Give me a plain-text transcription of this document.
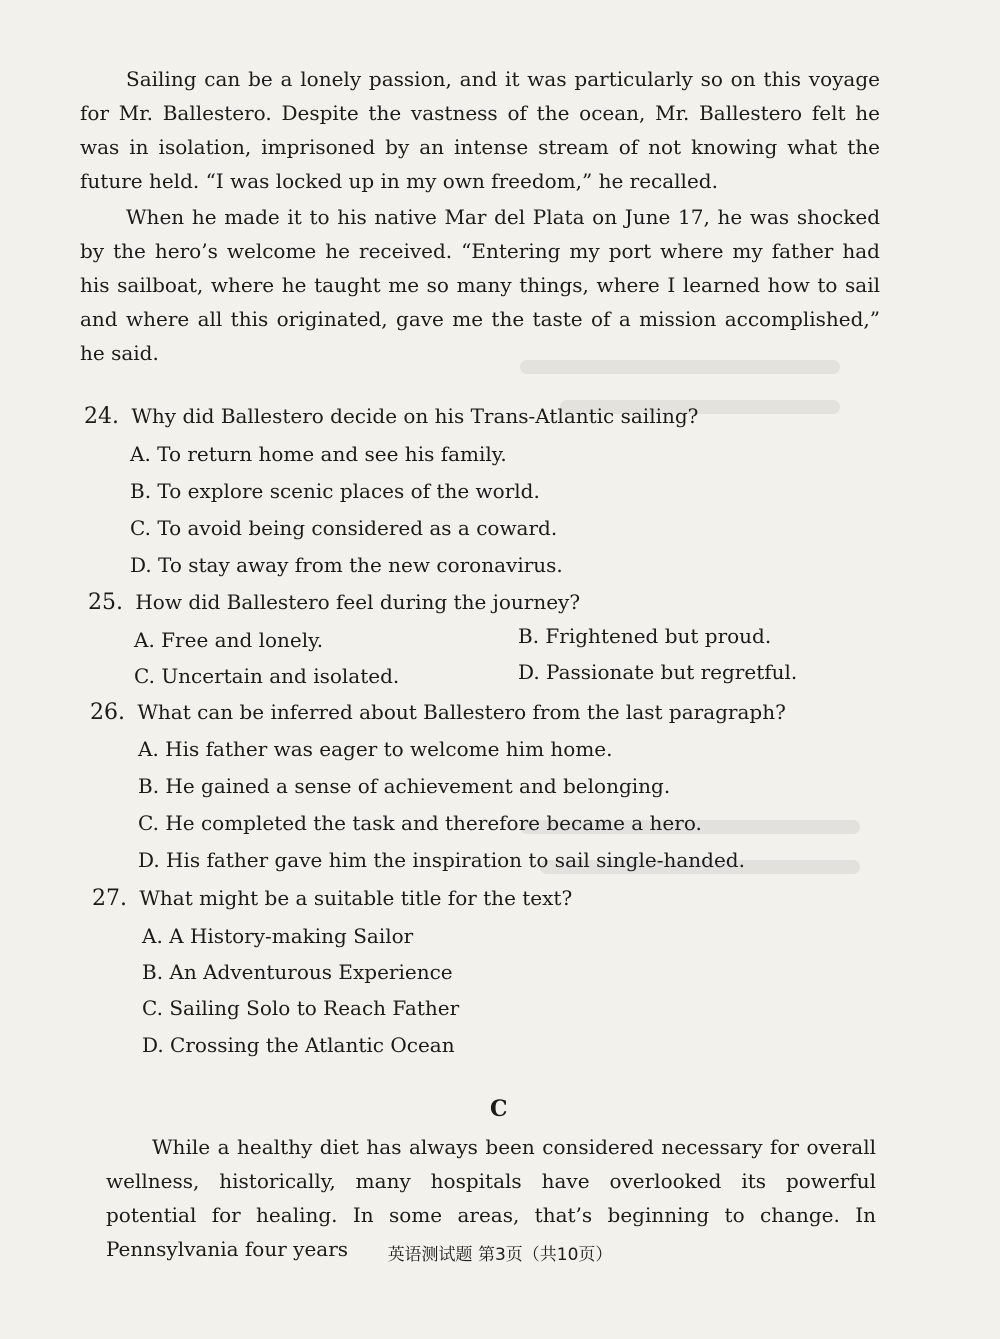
Sailing can be a lonely passion, and it was particularly so on this voyage for Mr. Ballestero. Despite the vastness of the ocean, Mr. Ballestero felt he was in isolation, imprisoned by an intense stream of not knowing what the future held. “I was locked up in my own freedom,” he recalled.

When he made it to his native Mar del Plata on June 17, he was shocked by the hero’s welcome he received. “Entering my port where my father had his sailboat, where he taught me so many things, where I learned how to sail and where all this originated, gave me the taste of a mission accomplished,” he said.

24. Why did Ballestero decide on his Trans-Atlantic sailing?
A. To return home and see his family.
B. To explore scenic places of the world.
C. To avoid being considered as a coward.
D. To stay away from the new coronavirus.
25. How did Ballestero feel during the journey?
A. Free and lonely.	B. Frightened but proud.
C. Uncertain and isolated.	D. Passionate but regretful.
26. What can be inferred about Ballestero from the last paragraph?
A. His father was eager to welcome him home.
B. He gained a sense of achievement and belonging.
C. He completed the task and therefore became a hero.
D. His father gave him the inspiration to sail single-handed.
27. What might be a suitable title for the text?
A. A History-making Sailor
B. An Adventurous Experience
C. Sailing Solo to Reach Father
D. Crossing the Atlantic Ocean
C

While a healthy diet has always been considered necessary for overall wellness, historically, many hospitals have overlooked its powerful potential for healing. In some areas, that’s beginning to change. In Pennsylvania four years	英语测试题 第3页（共10页）
